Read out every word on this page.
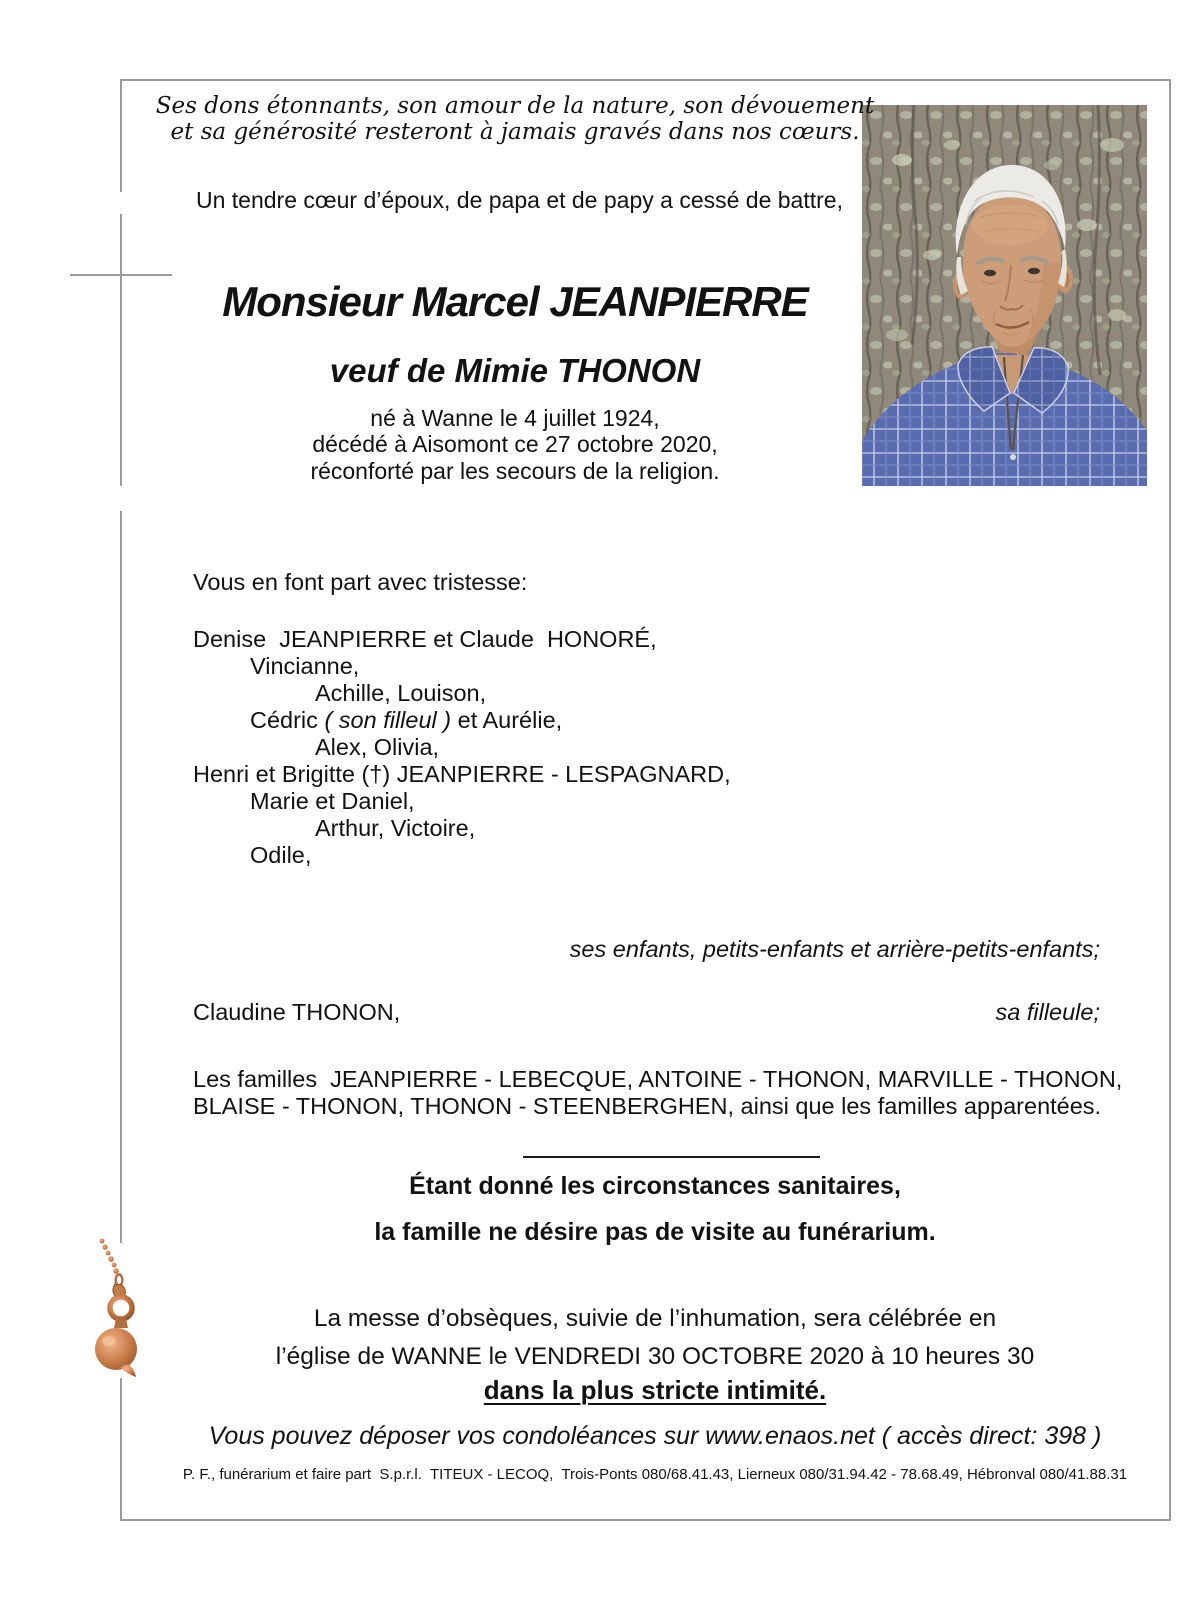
Ses dons étonnants, son amour de la nature, son dévouement
et sa générosité resteront à jamais gravés dans nos cœurs.
Un tendre cœur d’époux, de papa et de papy a cessé de battre,
Monsieur Marcel JEANPIERRE
veuf de Mimie THONON
né à Wanne le 4 juillet 1924,
décédé à Aisomont ce 27 octobre 2020,
réconforté par les secours de la religion.
Vous en font part avec tristesse:
Denise  JEANPIERRE et Claude  HONORÉ,
Vincianne,
Achille, Louison,
Cédric ( son filleul ) et Aurélie,
Alex, Olivia,
Henri et Brigitte (†) JEANPIERRE - LESPAGNARD,
Marie et Daniel,
Arthur, Victoire,
Odile,
ses enfants, petits-enfants et arrière-petits-enfants;
Claudine THONON,	sa filleule;
Les familles  JEANPIERRE - LEBECQUE, ANTOINE - THONON, MARVILLE - THONON,
BLAISE - THONON, THONON - STEENBERGHEN, ainsi que les familles apparentées.
Étant donné les circonstances sanitaires,
la famille ne désire pas de visite au funérarium.
La messe d’obsèques, suivie de l’inhumation, sera célébrée en
l’église de WANNE le VENDREDI 30 OCTOBRE 2020 à 10 heures 30
dans la plus stricte intimité.
Vous pouvez déposer vos condoléances sur www.enaos.net ( accès direct: 398 )
P. F., funérarium et faire part  S.p.r.l.  TITEUX - LECOQ,  Trois-Ponts 080/68.41.43, Lierneux 080/31.94.42 - 78.68.49, Hébronval 080/41.88.31
